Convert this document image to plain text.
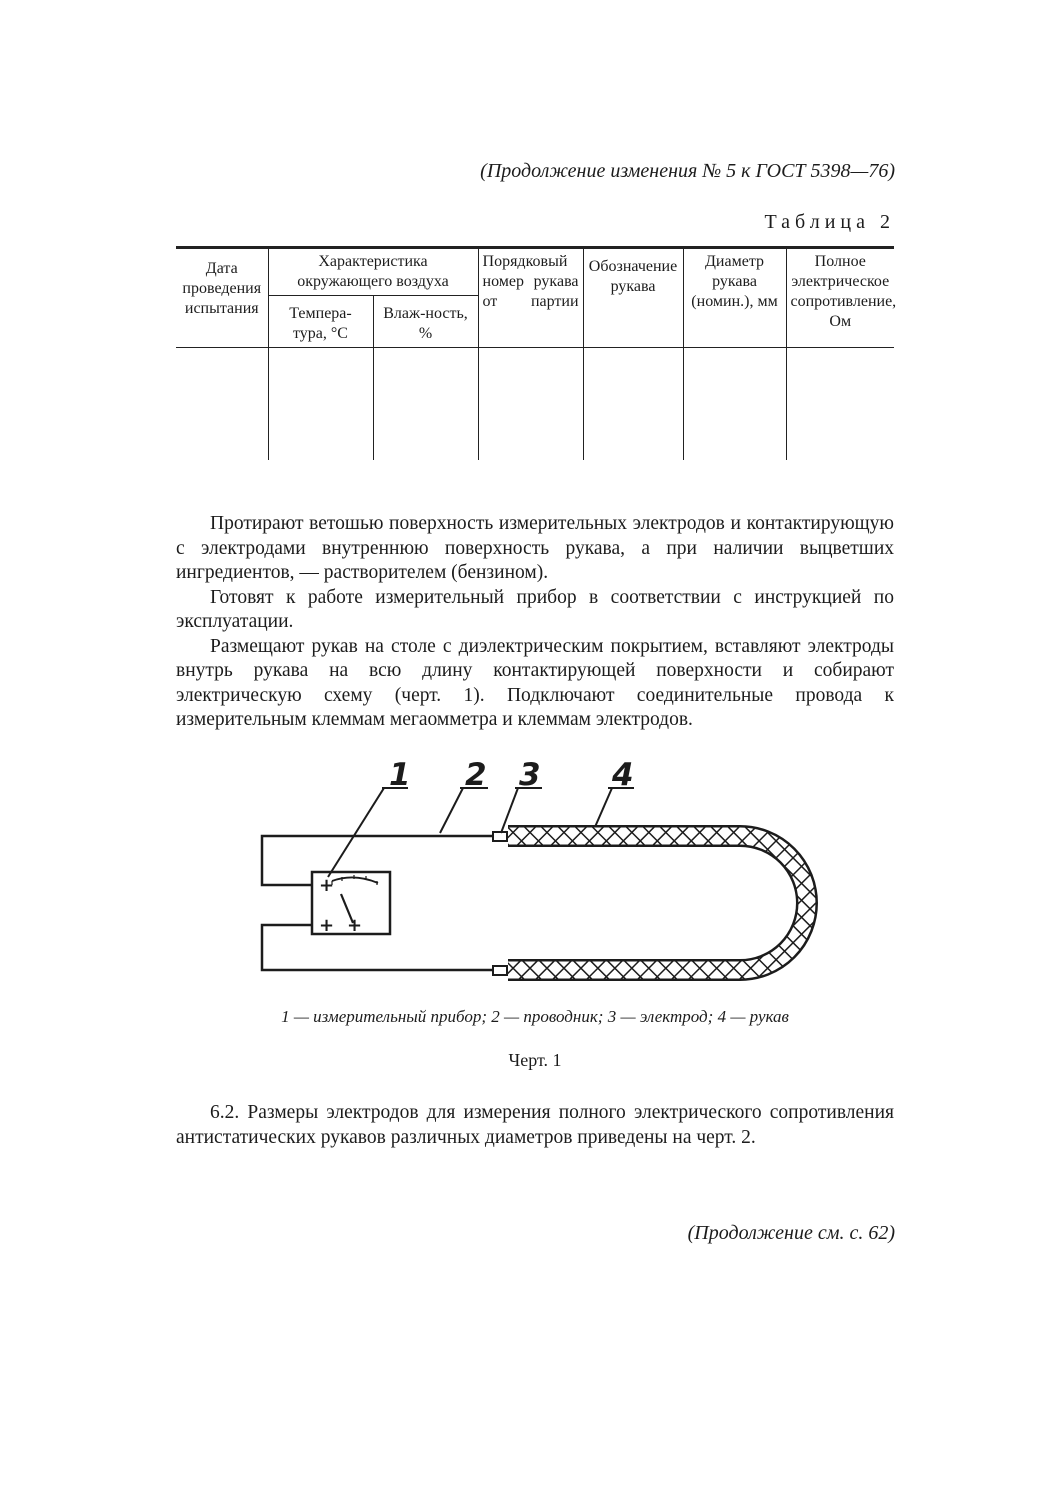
(Продолжение изменения № 5 к ГОСТ 5398—76)
Таблица 2
Дата проведения испытания	Характеристика окружающего воздуха		Порядковый номер рукава от партии	Обозначение рукава	Диаметр рукава (номин.), мм	Полное электрическое сопротивление, Ом
	Темпера-тура, °С	Влаж-ность, %				

Протирают ветошью поверхность измерительных электродов и контактирующую с электродами внутреннюю поверхность рукава, а при наличии выцветших ингредиентов, — растворителем (бензином).

Готовят к работе измерительный прибор в соответствии с инструкцией по эксплуатации.

Размещают рукав на столе с диэлектрическим покрытием, вставляют электроды внутрь рукава на всю длину контактирующей поверхности и собирают электрическую схему (черт. 1). Подключают соединительные провода к измерительным клеммам мегаомметра и клеммам электродов.

+
+ +
1 2 3 4
1 — измерительный прибор; 2 — проводник; 3 — электрод; 4 — рукав
Черт. 1

6.2. Размеры электродов для измерения полного электрического сопротивления антистатических рукавов различных диаметров приведены на черт. 2.

(Продолжение см. с. 62)
